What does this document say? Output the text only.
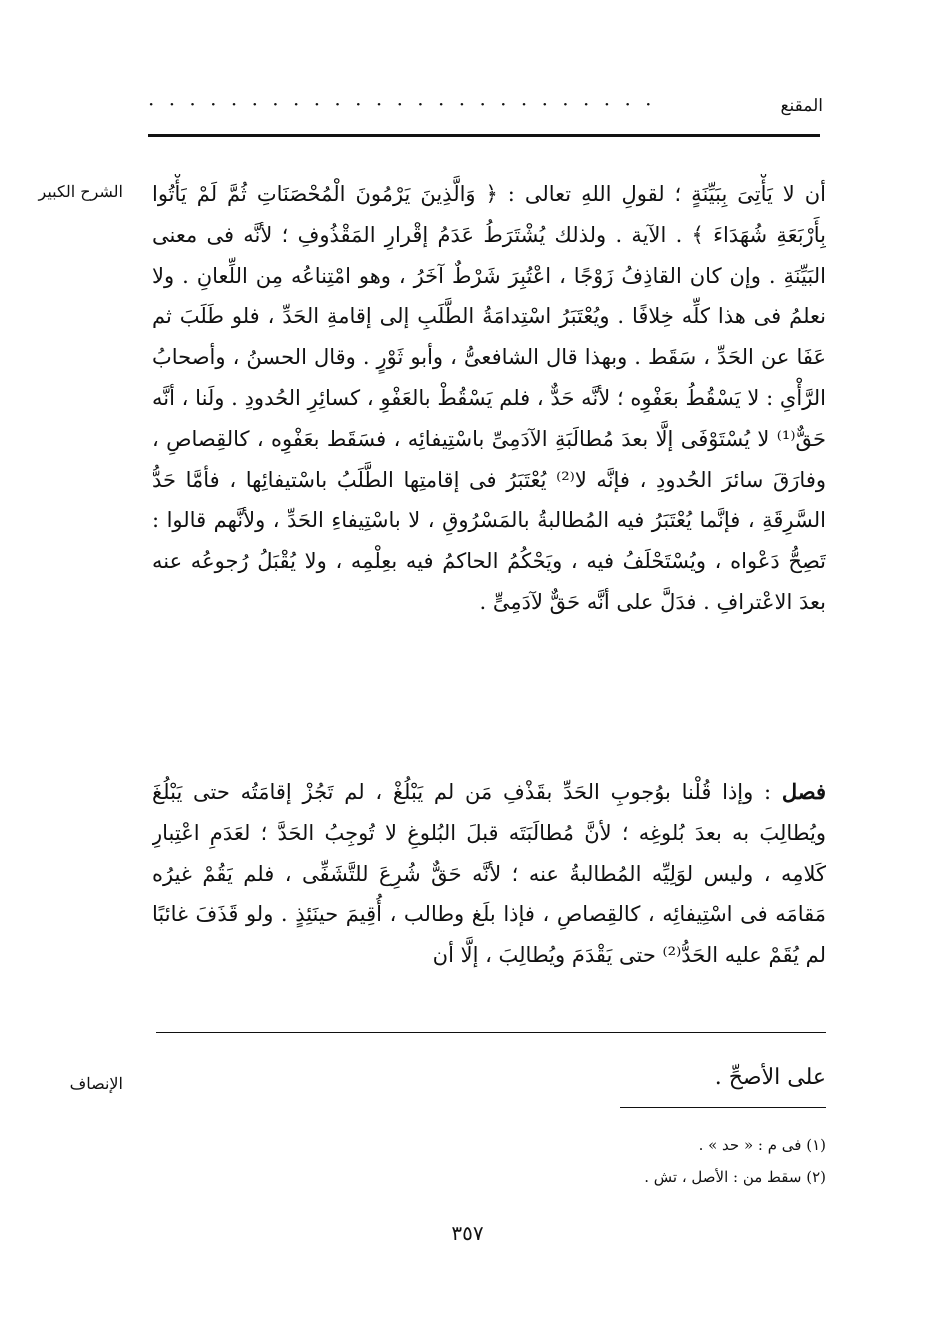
· · · · · · · · · · · · · · · · · · · · · · · · ·	المقنع
الشرح الكبير أن لا يَأْتِىَ بِبَيِّنَةٍ ؛ لقولِ اللهِ تعالى : ﴿ وَالَّذِينَ يَرْمُونَ الْمُحْصَنَاتِ ثُمَّ لَمْ يَأْتُوا بِأَرْبَعَةِ شُهَدَاءَ ﴾ . الآية . ولذلك يُشْتَرَطُ عَدَمُ إقْرارِ المَقْذُوفِ ؛ لأنَّه فى معنى البَيِّنَةِ . وإن كان القاذِفُ زَوْجًا ، اعْتُبِرَ شَرْطٌ آخَرُ ، وهو امْتِناعُه مِن اللِّعانِ . ولا نعلمُ فى هذا كلِّه خِلافًا . ويُعْتَبَرُ اسْتِدامَةُ الطَّلَبِ إلى إقامةِ الحَدِّ ، فلو طَلَبَ ثم عَفَا عن الحَدِّ ، سَقَط . وبهذا قال الشافعىُّ ، وأبو ثَوْرٍ . وقال الحسنُ ، وأصحابُ الرَّأْىِ : لا يَسْقُطُ بعَفْوِه ؛ لأنَّه حَدٌّ ، فلم يَسْقُطْ بالعَفْوِ ، كسائِرِ الحُدودِ . ولَنا ، أنَّه حَقٌّ⁽¹⁾ لا يُسْتَوْفَى إلَّا بعدَ مُطالَبَةِ الآدَمِىِّ باسْتِيفائِه ، فسَقَط بعَفْوِه ، كالقِصاصِ ، وفارَقَ سائرَ الحُدودِ ، فإنَّه لا⁽²⁾ يُعْتَبَرُ فى إقامتِها الطَّلَبُ باسْتيفائِها ، فأمَّا حَدُّ السَّرِقَةِ ، فإنَّما يُعْتَبَرُ فيه المُطالبةُ بالمَسْرُوقِ ، لا باسْتِيفاءِ الحَدِّ ، ولأنَّهم قالوا : تَصِحُّ دَعْواه ، ويُسْتَحْلَفُ فيه ، ويَحْكُمُ الحاكمُ فيه بعِلْمِه ، ولا يُقْبَلُ رُجوعُه عنه بعدَ الاعْترافِ . فدَلَّ على أنَّه حَقٌّ لآدَمِىٍّ .
فصل : وإذا قُلْنا بوُجوبِ الحَدِّ بقَذْفِ مَن لم يَبْلُغْ ، لم تَجُزْ إقامَتُه حتى يَبْلُغَ ويُطالِبَ به بعدَ بُلوغِه ؛ لأنَّ مُطالَبَتَه قبلَ البُلوغِ لا تُوجِبُ الحَدَّ ؛ لعَدَمِ اعْتِبارِ كَلامِه ، وليس لوَلِيِّه المُطالبةُ عنه ؛ لأنَّه حَقٌّ شُرِعَ للتَّشَفِّى ، فلم يَقُمْ غيرُه مَقامَه فى اسْتِيفائِه ، كالقِصاصِ ، فإذا بلَغ وطالب ، أُقِيمَ حينَئِذٍ . ولو قَذَفَ غائبًا لم يُقَمْ عليه الحَدُّ⁽²⁾ حتى يَقْدَمَ ويُطالِبَ ، إلَّا أن
الإنصاف	على الأصحِّ .
(١) فى م : « حد » .
(٢) سقط من : الأصل ، تش .
٣٥٧
